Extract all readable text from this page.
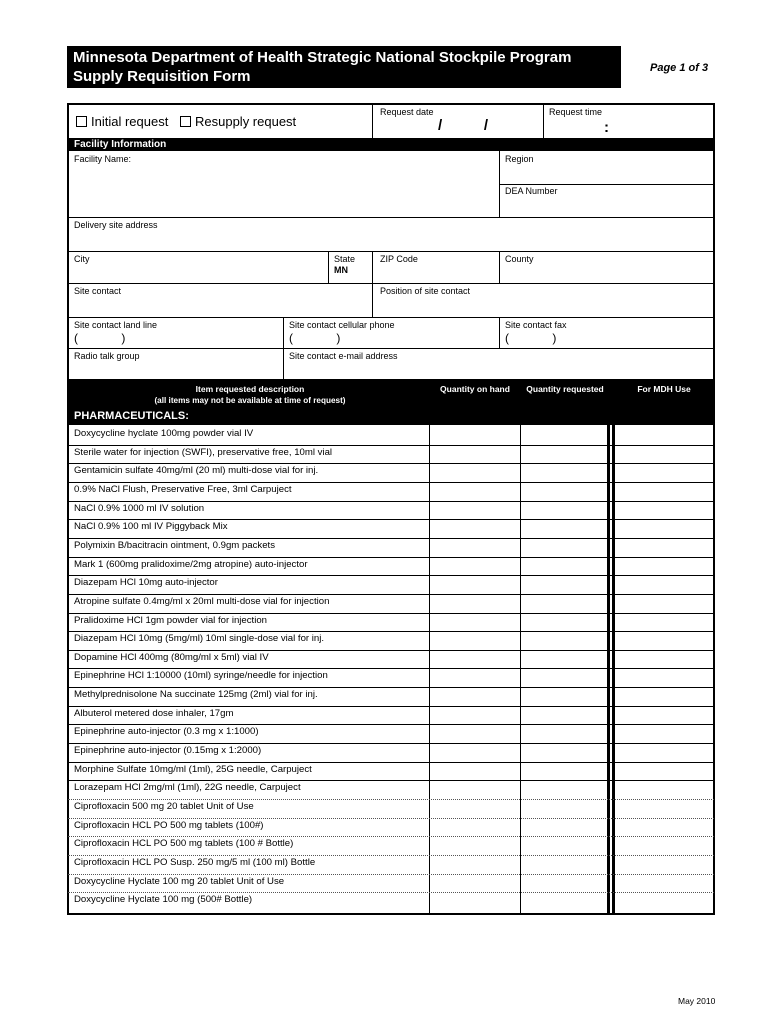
Minnesota Department of Health Strategic National Stockpile Program
Supply Requisition Form	Page 1 of 3
Initial request	Resupply request
Request date
/          /
Request time
:
Facility Information
Facility Name:	Region
DEA Number
Delivery site address
City	State
MN
ZIP Code	County
Site contact	Position of site contact
Site contact land line
(             )
Site contact cellular phone
(             )
Site contact fax
(             )
Radio talk group	Site contact e-mail address
Item requested description
(all items may not be available at time of request)
Quantity on hand	Quantity requested	For MDH Use
PHARMACEUTICALS:
Doxycycline hyclate 100mg powder vial IV
Sterile water for injection (SWFI), preservative free, 10ml vial
Gentamicin sulfate 40mg/ml (20 ml) multi-dose vial for inj.
0.9% NaCl Flush, Preservative Free, 3ml Carpuject
NaCl 0.9% 1000 ml IV solution
NaCl 0.9% 100 ml IV Piggyback Mix
Polymixin B/bacitracin ointment, 0.9gm packets
Mark 1 (600mg pralidoxime/2mg atropine) auto-injector
Diazepam HCl 10mg auto-injector
Atropine sulfate 0.4mg/ml x 20ml multi-dose vial for injection
Pralidoxime HCl 1gm powder vial for injection
Diazepam HCl 10mg (5mg/ml) 10ml single-dose vial for inj.
Dopamine HCl 400mg (80mg/ml x 5ml) vial IV
Epinephrine HCl 1:10000 (10ml) syringe/needle for injection
Methylprednisolone Na succinate 125mg (2ml) vial for inj.
Albuterol metered dose inhaler, 17gm
Epinephrine auto-injector (0.3 mg x 1:1000)
Epinephrine auto-injector (0.15mg x 1:2000)
Morphine Sulfate 10mg/ml (1ml), 25G needle, Carpuject
Lorazepam HCl 2mg/ml (1ml), 22G needle, Carpuject
Ciprofloxacin 500 mg 20 tablet Unit of Use
Ciprofloxacin HCL PO 500 mg tablets (100#)
Ciprofloxacin HCL PO 500 mg tablets (100 # Bottle)
Ciprofloxacin HCL PO Susp. 250 mg/5 ml (100 ml) Bottle
Doxycycline Hyclate 100 mg 20 tablet Unit of Use
Doxycycline Hyclate 100 mg (500# Bottle)
May 2010
